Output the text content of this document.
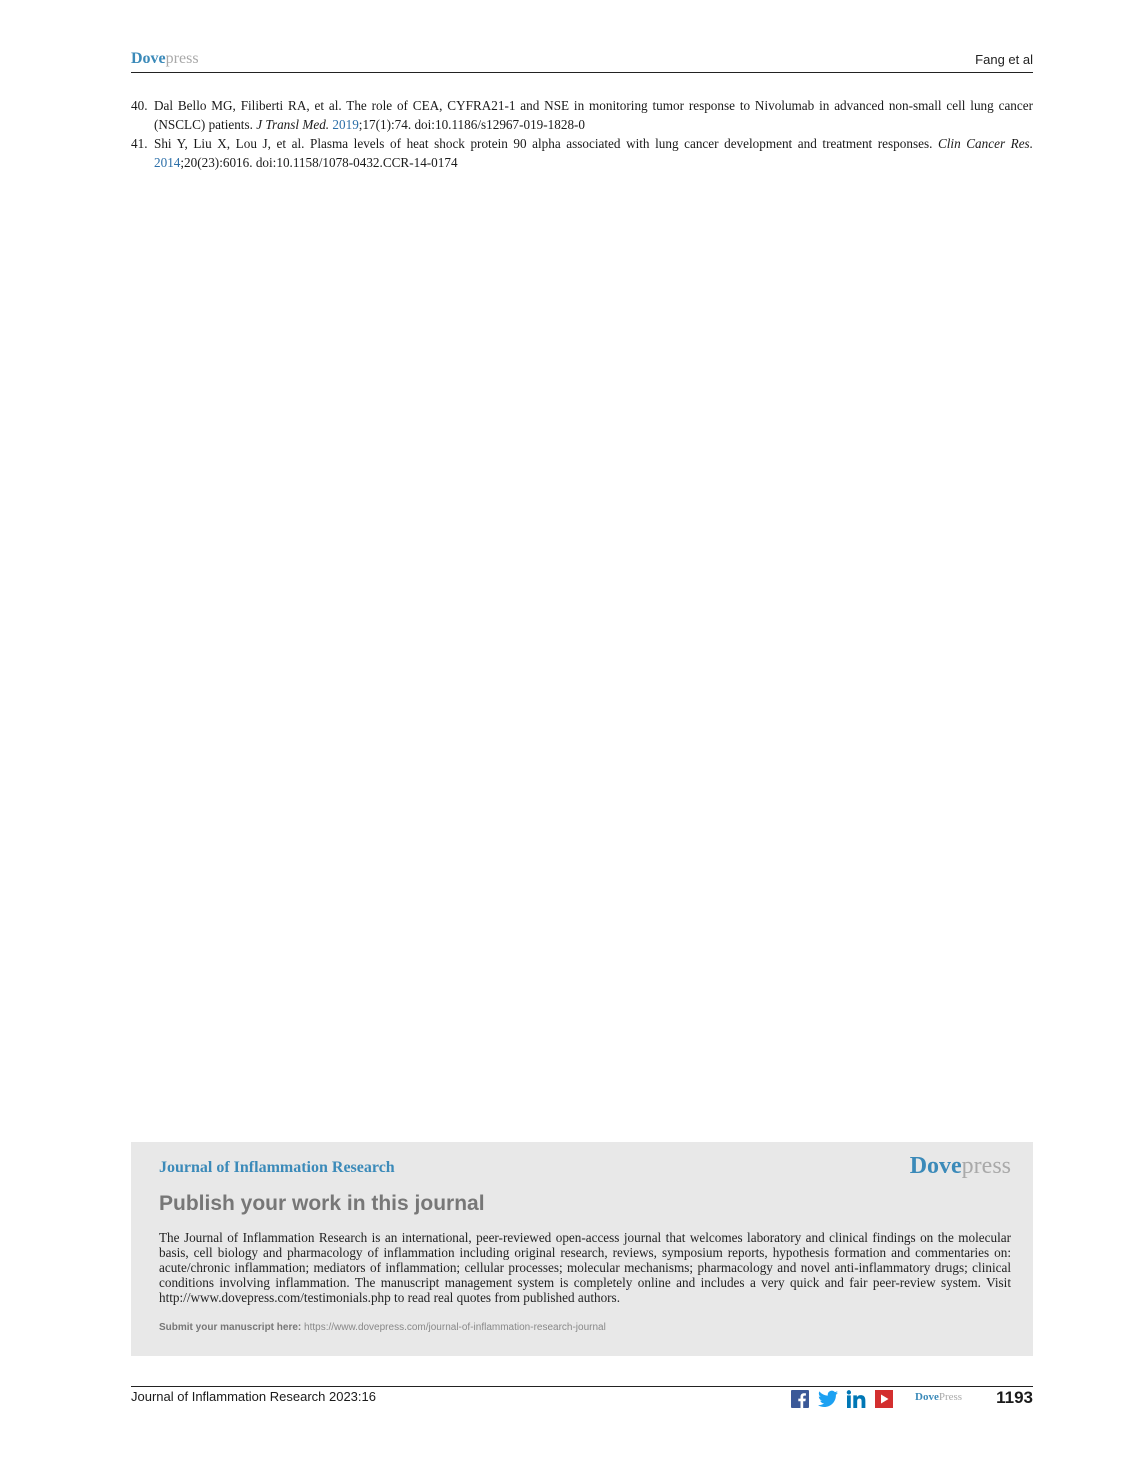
Dovepress	Fang et al
40. Dal Bello MG, Filiberti RA, et al. The role of CEA, CYFRA21-1 and NSE in monitoring tumor response to Nivolumab in advanced non-small cell lung cancer (NSCLC) patients. J Transl Med. 2019;17(1):74. doi:10.1186/s12967-019-1828-0
41. Shi Y, Liu X, Lou J, et al. Plasma levels of heat shock protein 90 alpha associated with lung cancer development and treatment responses. Clin Cancer Res. 2014;20(23):6016. doi:10.1158/1078-0432.CCR-14-0174
Journal of Inflammation Research	Dovepress
Publish your work in this journal
The Journal of Inflammation Research is an international, peer-reviewed open-access journal that welcomes laboratory and clinical findings on the molecular basis, cell biology and pharmacology of inflammation including original research, reviews, symposium reports, hypothesis formation and commentaries on: acute/chronic inflammation; mediators of inflammation; cellular processes; molecular mechanisms; pharmacology and novel anti-inflammatory drugs; clinical conditions involving inflammation. The manuscript management system is completely online and includes a very quick and fair peer-review system. Visit http://www.dovepress.com/testimonials.php to read real quotes from published authors.
Submit your manuscript here: https://www.dovepress.com/journal-of-inflammation-research-journal
Journal of Inflammation Research 2023:16	DovePress 1193
